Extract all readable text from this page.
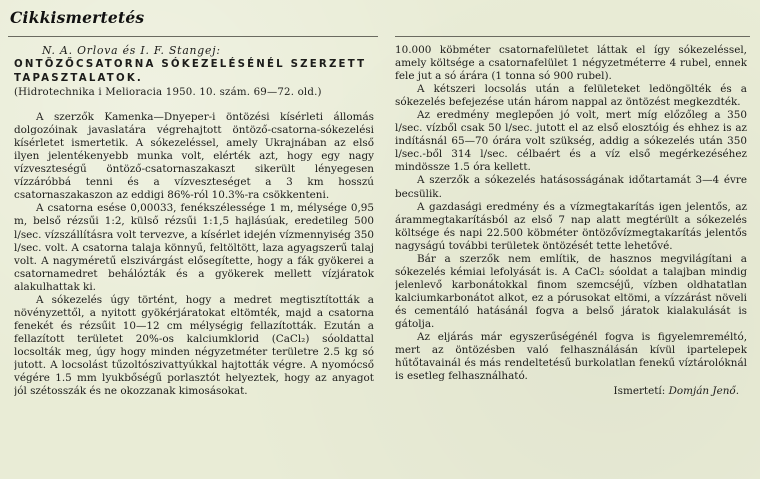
Cikkismertetés

N. A. Orlova és I. F. Stangej:

ONTÖZŐCSATORNA SÓKEZELÉSÉNÉL SZERZETT TAPASZTALATOK.

(Hidrotechnika i Melioracia 1950. 10. szám. 69—72. old.)

A szerzők Kamenka—Dnyeper-i öntözési kísérleti állomás dolgozóinak javaslatára végrehajtott öntöző-csatorna-sókezelési kísérletet ismertetik. A sókezeléssel, amely Ukrajnában az első ilyen jelentékenyebb munka volt, elérték azt, hogy egy nagy vízveszteségű öntöző-csatornaszakaszt sikerült lényegesen vízzáróbbá tenni és a vízveszteséget a 3 km hosszú csatornaszakaszon az eddigi 86%-ról 10.3%-ra csökkenteni.

A csatorna esése 0,00033, fenékszélessége 1 m, mélysége 0,95 m, belső rézsűi 1:2, külső rézsűi 1:1,5 hajlásúak, eredetileg 500 l/sec. vízszállításra volt tervezve, a kísérlet idején vízmennyiség 350 l/sec. volt. A csatorna talaja könnyű, feltöltött, laza agyagszerű talaj volt. A nagyméretű elszivárgást elősegítette, hogy a fák gyökerei a csatornamedret behálózták és a gyökerek mellett vízjáratok alakulhattak ki.

A sókezelés úgy történt, hogy a medret megtisztították a növényzettől, a nyitott gyökérjáratokat eltömték, majd a csatorna fenekét és rézsűit 10—12 cm mélységig fellazították. Ezután a fellazított területet 20%-os kalciumklorid (CaCl₂) sóoldattal locsolták meg, úgy hogy minden négyzetméter területre 2.5 kg só jutott. A locsolást tűzoltószivattyúkkal hajtották végre. A nyomócső végére 1.5 mm lyukbőségű porlasztót helyeztek, hogy az anyagot jól szétosszák és ne okozzanak kimosásokat.

10.000 köbméter csatornafelületet láttak el így sókezeléssel, amely költsége a csatornafelület 1 négyzetméterre 4 rubel, ennek fele jut a só árára (1 tonna só 900 rubel).

A kétszeri locsolás után a felületeket ledöngölték és a sókezelés befejezése után három nappal az öntözést megkezdték.

Az eredmény meglepően jó volt, mert míg előzőleg a 350 l/sec. vízből csak 50 l/sec. jutott el az első elosztóig és ehhez is az indításnál 65—70 órára volt szükség, addig a sókezelés után 350 l/sec.-ből 314 l/sec. célbaért és a víz első megérkezéséhez mindössze 1.5 óra kellett.

A szerzők a sókezelés hatásosságának időtartamát 3—4 évre becsülik.

A gazdasági eredmény és a vízmegtakarítás igen jelentős, az árammegtakarításból az első 7 nap alatt megtérült a sókezelés költsége és napi 22.500 köbméter öntözővízmegtakarítás jelentős nagyságú további területek öntözését tette lehetővé.

Bár a szerzők nem említik, de hasznos megvilágítani a sókezelés kémiai lefolyását is. A CaCl₂ sóoldat a talajban mindig jelenlevő karbonátokkal finom szemcséjű, vízben oldhatatlan kalciumkarbonátot alkot, ez a pórusokat eltömi, a vízzárást növeli és cementáló hatásánál fogva a belső járatok kialakulását is gátolja.

Az eljárás már egyszerűségénél fogva is figyelemreméltó, mert az öntözésben való felhasználásán kívül ipartelepek hűtőtavainál és más rendeltetésű burkolatlan fenekű víztárolóknál is esetleg felhasználható.

Ismertetí: Domján Jenő.
